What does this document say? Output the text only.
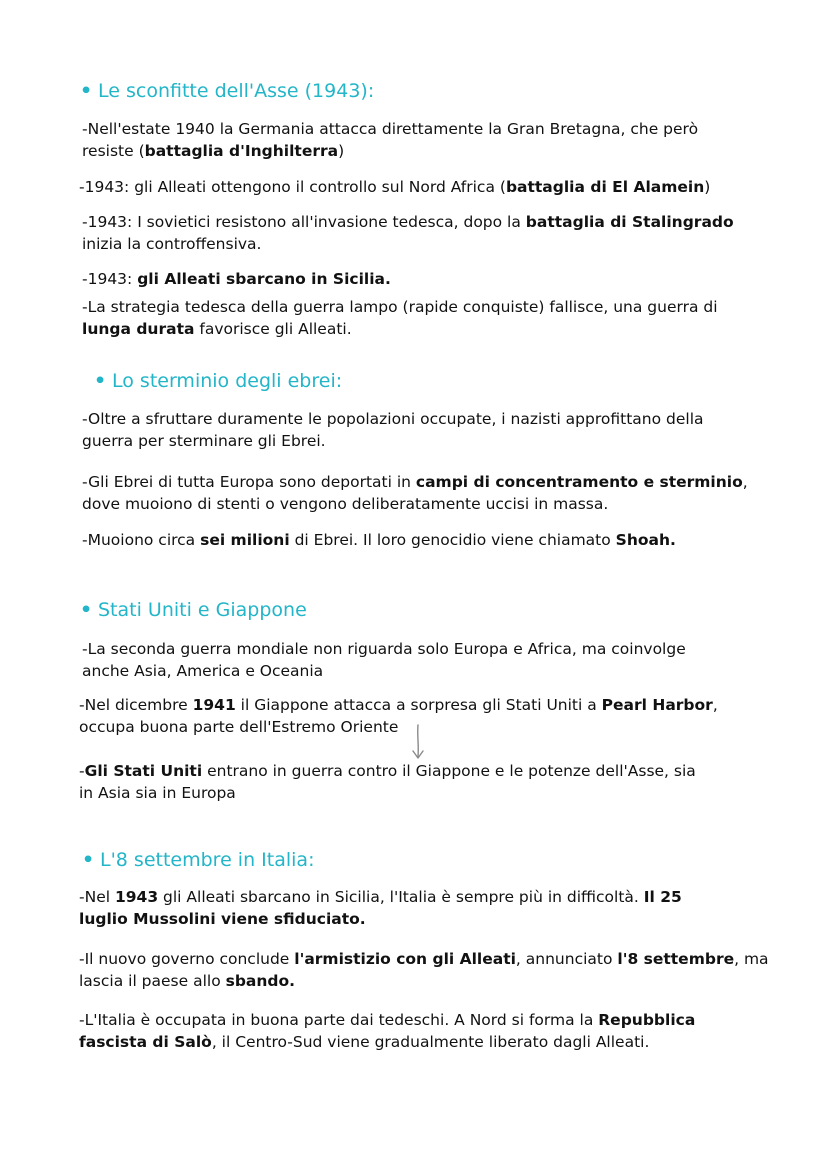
• Le sconfitte dell'Asse (1943):

-Nell'estate 1940 la Germania attacca direttamente la Gran Bretagna, che però
resiste (battaglia d'Inghilterra)

-1943: gli Alleati ottengono il controllo sul Nord Africa (battaglia di El Alamein)

-1943: I sovietici resistono all'invasione tedesca, dopo la battaglia di Stalingrado
inizia la controffensiva.

-1943: gli Alleati sbarcano in Sicilia.

-La strategia tedesca della guerra lampo (rapide conquiste) fallisce, una guerra di
lunga durata favorisce gli Alleati.

• Lo sterminio degli ebrei:

-Oltre a sfruttare duramente le popolazioni occupate, i nazisti approfittano della
guerra per sterminare gli Ebrei.

-Gli Ebrei di tutta Europa sono deportati in campi di concentramento e sterminio,
dove muoiono di stenti o vengono deliberatamente uccisi in massa.

-Muoiono circa sei milioni di Ebrei. Il loro genocidio viene chiamato Shoah.

• Stati Uniti e Giappone

-La seconda guerra mondiale non riguarda solo Europa e Africa, ma coinvolge
anche Asia, America e Oceania

-Nel dicembre 1941 il Giappone attacca a sorpresa gli Stati Uniti a Pearl Harbor,
occupa buona parte dell'Estremo Oriente

-Gli Stati Uniti entrano in guerra contro il Giappone e le potenze dell'Asse, sia
in Asia sia in Europa

• L'8 settembre in Italia:

-Nel 1943 gli Alleati sbarcano in Sicilia, l'Italia è sempre più in difficoltà. Il 25
luglio Mussolini viene sfiduciato.

-Il nuovo governo conclude l'armistizio con gli Alleati, annunciato l'8 settembre, ma
lascia il paese allo sbando.

-L'Italia è occupata in buona parte dai tedeschi. A Nord si forma la Repubblica
fascista di Salò, il Centro-Sud viene gradualmente liberato dagli Alleati.
